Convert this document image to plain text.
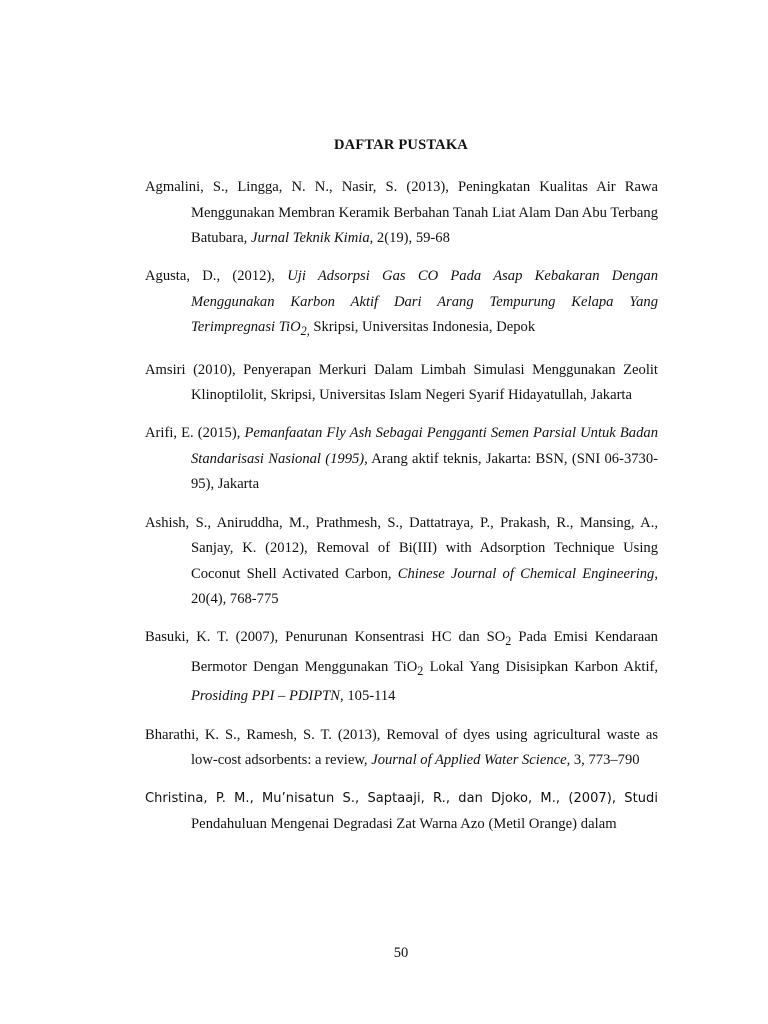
DAFTAR PUSTAKA

Agmalini, S., Lingga, N. N., Nasir, S. (2013), Peningkatan Kualitas Air Rawa Menggunakan Membran Keramik Berbahan Tanah Liat Alam Dan Abu Terbang Batubara, Jurnal Teknik Kimia, 2(19), 59-68

Agusta, D., (2012), Uji Adsorpsi Gas CO Pada Asap Kebakaran Dengan Menggunakan Karbon Aktif Dari Arang Tempurung Kelapa Yang Terimpregnasi TiO$_{2,}$ Skripsi, Universitas Indonesia, Depok

Amsiri (2010), Penyerapan Merkuri Dalam Limbah Simulasi Menggunakan Zeolit Klinoptilolit, Skripsi, Universitas Islam Negeri Syarif Hidayatullah, Jakarta

Arifi, E. (2015), Pemanfaatan Fly Ash Sebagai Pengganti Semen Parsial Untuk Badan Standarisasi Nasional (1995), Arang aktif teknis, Jakarta: BSN, (SNI 06-3730-95), Jakarta

Ashish, S., Aniruddha, M., Prathmesh, S., Dattatraya, P., Prakash, R., Mansing, A., Sanjay, K. (2012), Removal of Bi(III) with Adsorption Technique Using Coconut Shell Activated Carbon, Chinese Journal of Chemical Engineering, 20(4), 768-775

Basuki, K. T. (2007), Penurunan Konsentrasi HC dan $SO_2$ Pada Emisi Kendaraan Bermotor Dengan Menggunakan TiO$_2$ Lokal Yang Disisipkan Karbon Aktif, Prosiding PPI – PDIPTN, 105-114

Bharathi, K. S., Ramesh, S. T. (2013), Removal of dyes using agricultural waste as low-cost adsorbents: a review, Journal of Applied Water Science, 3, 773–790

Christina, P. M., Mu’nisatun S., Saptaaji, R., dan Djoko, M., (2007), Studi Pendahuluan Mengenai Degradasi Zat Warna Azo (Metil Orange) dalam

50
